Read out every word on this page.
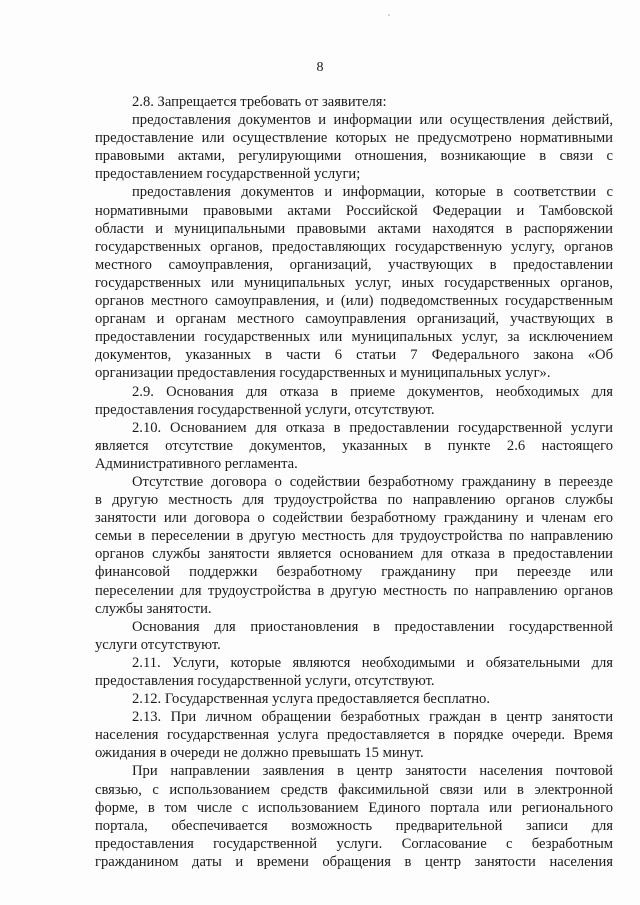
8

2.8. Запрещается требовать от заявителя:

предоставления документов и информации или осуществления действий,
предоставление или осуществление которых не предусмотрено нормативными
правовыми актами, регулирующими отношения, возникающие в связи с
предоставлением государственной услуги;

предоставления документов и информации, которые в соответствии с
нормативными правовыми актами Российской Федерации и Тамбовской
области и муниципальными правовыми актами находятся в распоряжении
государственных органов, предоставляющих государственную услугу, органов
местного самоуправления, организаций, участвующих в предоставлении
государственных или муниципальных услуг, иных государственных органов,
органов местного самоуправления, и (или) подведомственных государственным
органам и органам местного самоуправления организаций, участвующих в
предоставлении государственных или муниципальных услуг, за исключением
документов, указанных в части 6 статьи 7 Федерального закона «Об
организации предоставления государственных и муниципальных услуг».

2.9. Основания для отказа в приеме документов, необходимых для
предоставления государственной услуги, отсутствуют.

2.10. Основанием для отказа в предоставлении государственной услуги
является отсутствие документов, указанных в пункте 2.6 настоящего
Административного регламента.

Отсутствие договора о содействии безработному гражданину в переезде
в другую местность для трудоустройства по направлению органов службы
занятости или договора о содействии безработному гражданину и членам его
семьи в переселении в другую местность для трудоустройства по направлению
органов службы занятости является основанием для отказа в предоставлении
финансовой поддержки безработному гражданину при переезде или
переселении для трудоустройства в другую местность по направлению органов
службы занятости.

Основания для приостановления в предоставлении государственной
услуги отсутствуют.

2.11. Услуги, которые являются необходимыми и обязательными для
предоставления государственной услуги, отсутствуют.

2.12. Государственная услуга предоставляется бесплатно.

2.13. При личном обращении безработных граждан в центр занятости
населения государственная услуга предоставляется в порядке очереди. Время
ожидания в очереди не должно превышать 15 минут.

При направлении заявления в центр занятости населения почтовой
связью, с использованием средств факсимильной связи или в электронной
форме, в том числе с использованием Единого портала или регионального
портала, обеспечивается возможность предварительной записи для
предоставления государственной услуги. Согласование с безработным
гражданином даты и времени обращения в центр занятости населения
